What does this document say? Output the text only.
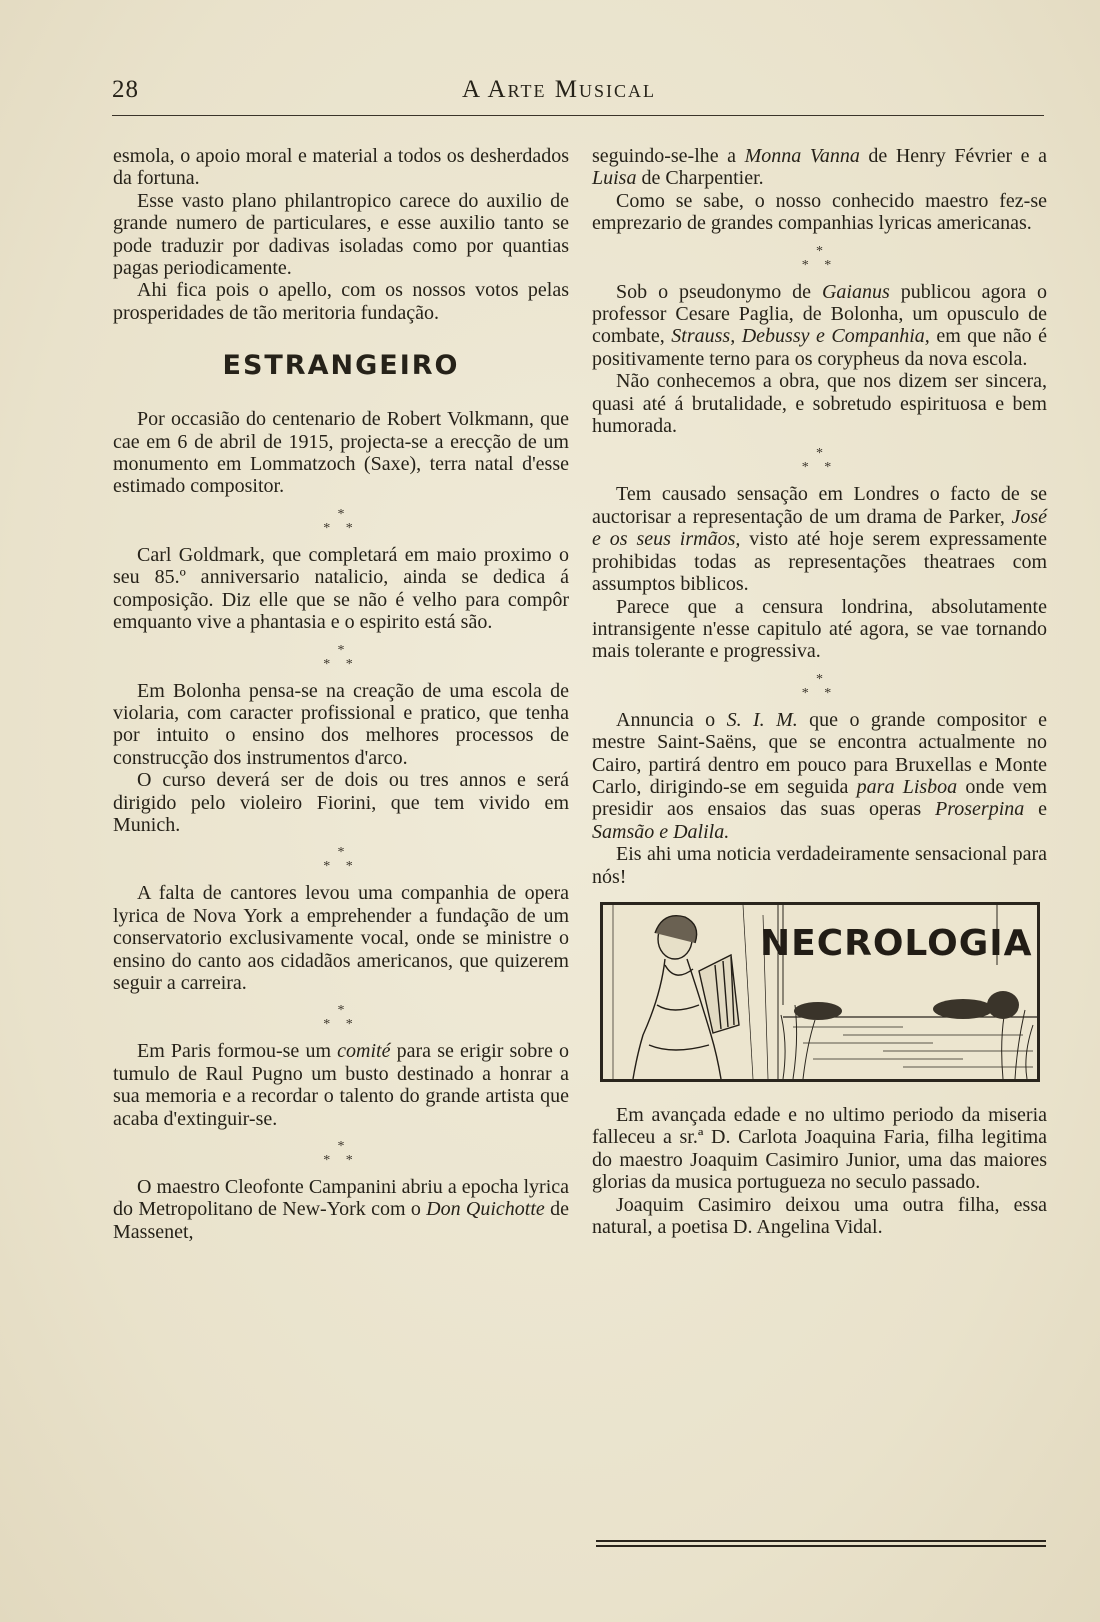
28	A Arte Musical

esmola, o apoio moral e material a todos os desherdados da fortuna.

Esse vasto plano philantropico carece do auxilio de grande numero de particulares, e esse auxilio tanto se pode traduzir por dadivas isoladas como por quantias pagas periodicamente.

Ahi fica pois o apello, com os nossos votos pelas prosperidades de tão meritoria fundação.

ESTRANGEIRO

Por occasião do centenario de Robert Volkmann, que cae em 6 de abril de 1915, projecta-se a erecção de um monumento em Lommatzoch (Saxe), terra natal d'esse estimado compositor.

*
* *

Carl Goldmark, que completará em maio proximo o seu 85.º anniversario natalicio, ainda se dedica á composição. Diz elle que se não é velho para compôr emquanto vive a phantasia e o espirito está são.

*
* *

Em Bolonha pensa-se na creação de uma escola de violaria, com caracter profissional e pratico, que tenha por intuito o ensino dos melhores processos de construcção dos instrumentos d'arco.

O curso deverá ser de dois ou tres annos e será dirigido pelo violeiro Fiorini, que tem vivido em Munich.

*
* *

A falta de cantores levou uma companhia de opera lyrica de Nova York a emprehender a fundação de um conservatorio exclusivamente vocal, onde se ministre o ensino do canto aos cidadãos americanos, que quizerem seguir a carreira.

*
* *

Em Paris formou-se um comité para se erigir sobre o tumulo de Raul Pugno um busto destinado a honrar a sua memoria e a recordar o talento do grande artista que acaba d'extinguir-se.

*
* *

O maestro Cleofonte Campanini abriu a epocha lyrica do Metropolitano de New-York com o Don Quichotte de Massenet,

seguindo-se-lhe a Monna Vanna de Henry Février e a Luisa de Charpentier.

Como se sabe, o nosso conhecido maestro fez-se emprezario de grandes companhias lyricas americanas.

*
* *

Sob o pseudonymo de Gaianus publicou agora o professor Cesare Paglia, de Bolonha, um opusculo de combate, Strauss, Debussy e Companhia, em que não é positivamente terno para os corypheus da nova escola.

Não conhecemos a obra, que nos dizem ser sincera, quasi até á brutalidade, e sobretudo espirituosa e bem humorada.

*
* *

Tem causado sensação em Londres o facto de se auctorisar a representação de um drama de Parker, José e os seus irmãos, visto até hoje serem expressamente prohibidas todas as representações theatraes com assumptos biblicos.

Parece que a censura londrina, absolutamente intransigente n'esse capitulo até agora, se vae tornando mais tolerante e progressiva.

*
* *

Annuncia o S. I. M. que o grande compositor e mestre Saint-Saëns, que se encontra actualmente no Cairo, partirá dentro em pouco para Bruxellas e Monte Carlo, dirigindo-se em seguida para Lisboa onde vem presidir aos ensaios das suas operas Proserpina e Samsão e Dalila.

Eis ahi uma noticia verdadeiramente sensacional para nós!

NECROLOGIA

Em avançada edade e no ultimo periodo da miseria falleceu a sr.ª D. Carlota Joaquina Faria, filha legitima do maestro Joaquim Casimiro Junior, uma das maiores glorias da musica portugueza no seculo passado.

Joaquim Casimiro deixou uma outra filha, essa natural, a poetisa D. Angelina Vidal.
